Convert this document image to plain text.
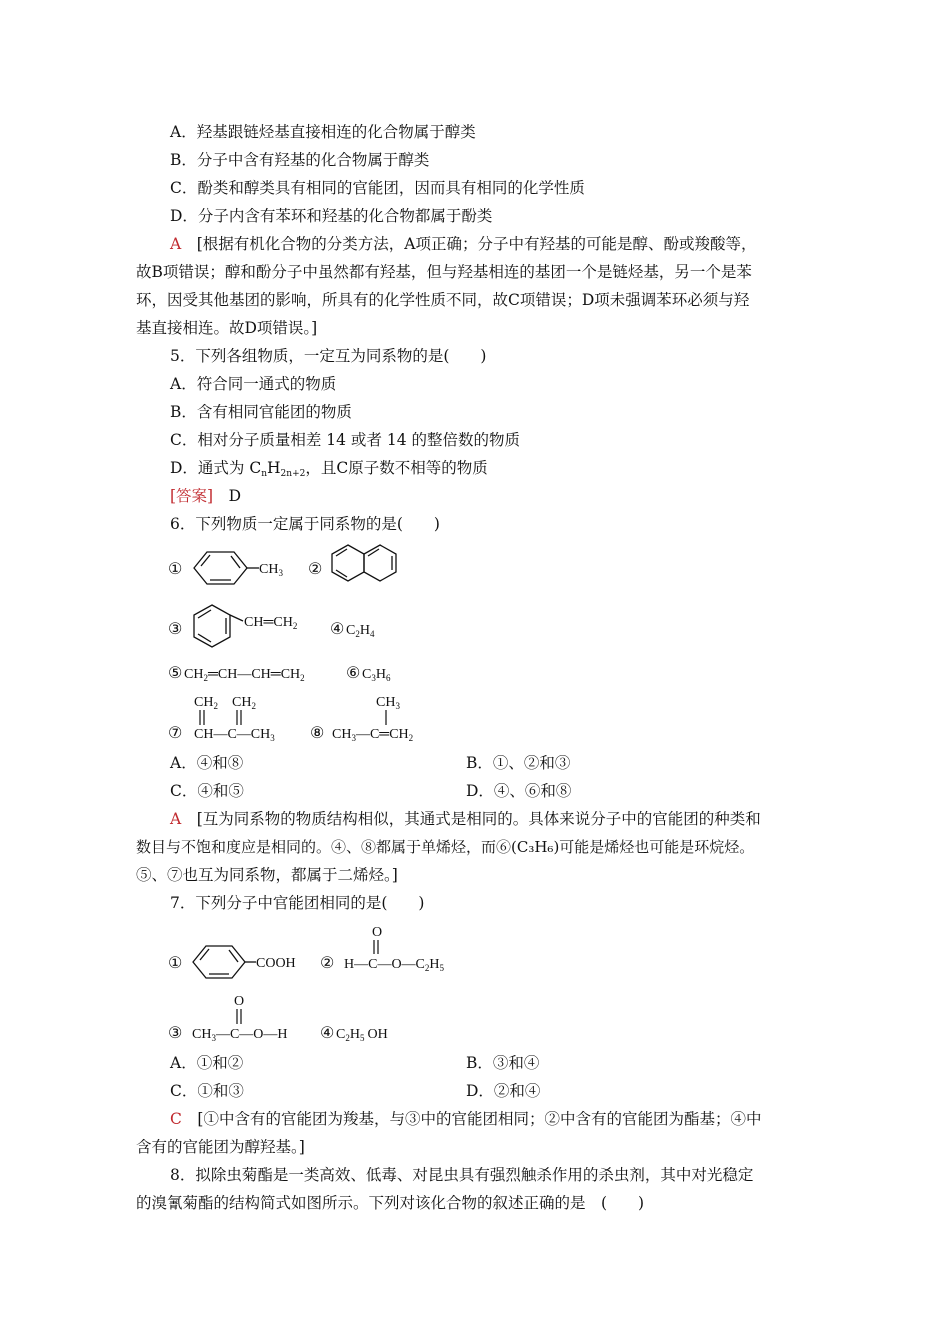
A．羟基跟链烃基直接相连的化合物属于醇类
B．分子中含有羟基的化合物属于醇类
C．酚类和醇类具有相同的官能团，因而具有相同的化学性质
D．分子内含有苯环和羟基的化合物都属于酚类
A　 [根据有机化合物的分类方法，A项正确；分子中有羟基的可能是醇、酚或羧酸等，
故B项错误；醇和酚分子中虽然都有羟基，但与羟基相连的基团一个是链烃基，另一个是苯
环，因受其他基团的影响，所具有的化学性质不同，故C项错误；D项未强调苯环必须与羟
基直接相连。故D项错误。]
5．下列各组物质，一定互为同系物的是(　　)
A．符合同一通式的物质
B．含有相同官能团的物质
C．相对分子质量相差 14 或者 14 的整倍数的物质
D．通式为 $C_nH_{2n+2}$，且C原子数不相等的物质
[答案]　 D
6．下列物质一定属于同系物的是(　　)
①	$CH_3$ ②
③	$CH═CH_2$ ④ $C_2H_4$
⑤ $CH_2═CH—CH═CH_2$	⑥ $C_3H_6$
⑦
$CH_2$ $CH_2$
$CH—C—CH_3$ ⑧
$CH_3$
$CH_3—C═CH_2$
①	COOH ②
O
$H—C—O—C_2H_5$
③
O
$CH_3—C—O—H$ ④ $C_2H_5$ OH
A．④和⑧	B．①、②和③
C．④和⑤	D．④、⑥和⑧
A　 [互为同系物的物质结构相似，其通式是相同的。具体来说分子中的官能团的种类和
数目与不饱和度应是相同的。④、⑧都属于单烯烃，而⑥(C₃H₆)可能是烯烃也可能是环烷烃。
⑤、⑦也互为同系物，都属于二烯烃。]
7．下列分子中官能团相同的是(　　)
A．①和②	B．③和④
C．①和③	D．②和④
C　 [①中含有的官能团为羧基，与③中的官能团相同；②中含有的官能团为酯基；④中
含有的官能团为醇羟基。]
8．拟除虫菊酯是一类高效、低毒、对昆虫具有强烈触杀作用的杀虫剂，其中对光稳定
的溴氰菊酯的结构简式如图所示。下列对该化合物的叙述正确的是　(　　)
